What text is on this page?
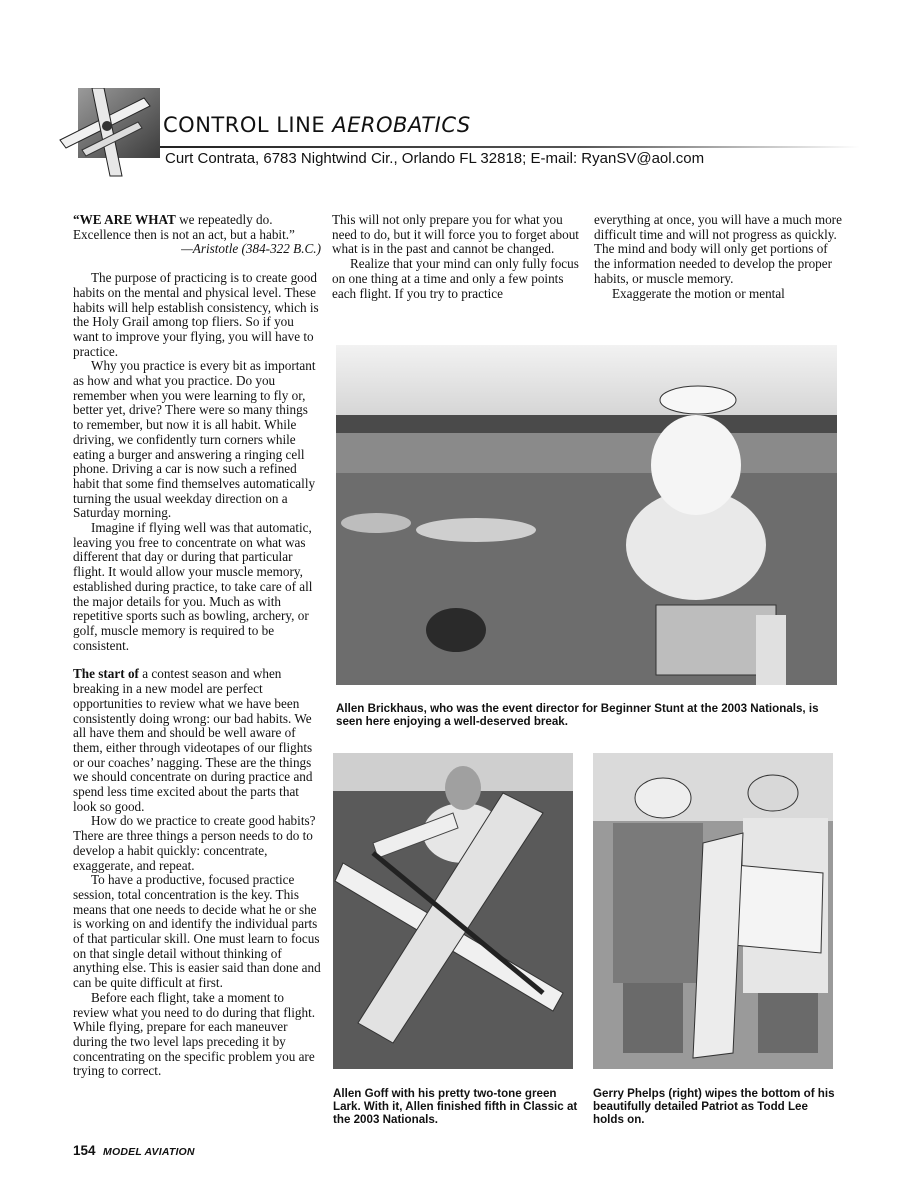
CONTROL LINE AEROBATICS
Curt Contrata, 6783 Nightwind Cir., Orlando FL 32818; E-mail: RyanSV@aol.com

“WE ARE WHAT we repeatedly do. Excellence then is not an act, but a habit.”

—Aristotle (384-322 B.C.)

The purpose of practicing is to create good habits on the mental and physical level. These habits will help establish consistency, which is the Holy Grail among top fliers. So if you want to improve your flying, you will have to practice.

Why you practice is every bit as important as how and what you practice. Do you remember when you were learning to fly or, better yet, drive? There were so many things to remember, but now it is all habit. While driving, we confidently turn corners while eating a burger and answering a ringing cell phone. Driving a car is now such a refined habit that some find themselves automatically turning the usual weekday direction on a Saturday morning.

Imagine if flying well was that automatic, leaving you free to concentrate on what was different that day or during that particular flight. It would allow your muscle memory, established during practice, to take care of all the major details for you. Much as with repetitive sports such as bowling, archery, or golf, muscle memory is required to be consistent.

The start of a contest season and when breaking in a new model are perfect opportunities to review what we have been consistently doing wrong: our bad habits. We all have them and should be well aware of them, either through videotapes of our flights or our coaches’ nagging. These are the things we should concentrate on during practice and spend less time excited about the parts that look so good.

How do we practice to create good habits? There are three things a person needs to do to develop a habit quickly: concentrate, exaggerate, and repeat.

To have a productive, focused practice session, total concentration is the key. This means that one needs to decide what he or she is working on and identify the individual parts of that particular skill. One must learn to focus on that single detail without thinking of anything else. This is easier said than done and can be quite difficult at first.

Before each flight, take a moment to review what you need to do during that flight. While flying, prepare for each maneuver during the two level laps preceding it by concentrating on the specific problem you are trying to correct.

This will not only prepare you for what you need to do, but it will force you to forget about what is in the past and cannot be changed.

Realize that your mind can only fully focus on one thing at a time and only a few points each flight. If you try to practice

everything at once, you will have a much more difficult time and will not progress as quickly. The mind and body will only get portions of the information needed to develop the proper habits, or muscle memory.

Exaggerate the motion or mental

Allen Brickhaus, who was the event director for Beginner Stunt at the 2003 Nationals, is seen here enjoying a well-deserved break.
Allen Goff with his pretty two-tone green Lark. With it, Allen finished fifth in Classic at the 2003 Nationals.
Gerry Phelps (right) wipes the bottom of his beautifully detailed Patriot as Todd Lee holds on.
154 MODEL AVIATION
